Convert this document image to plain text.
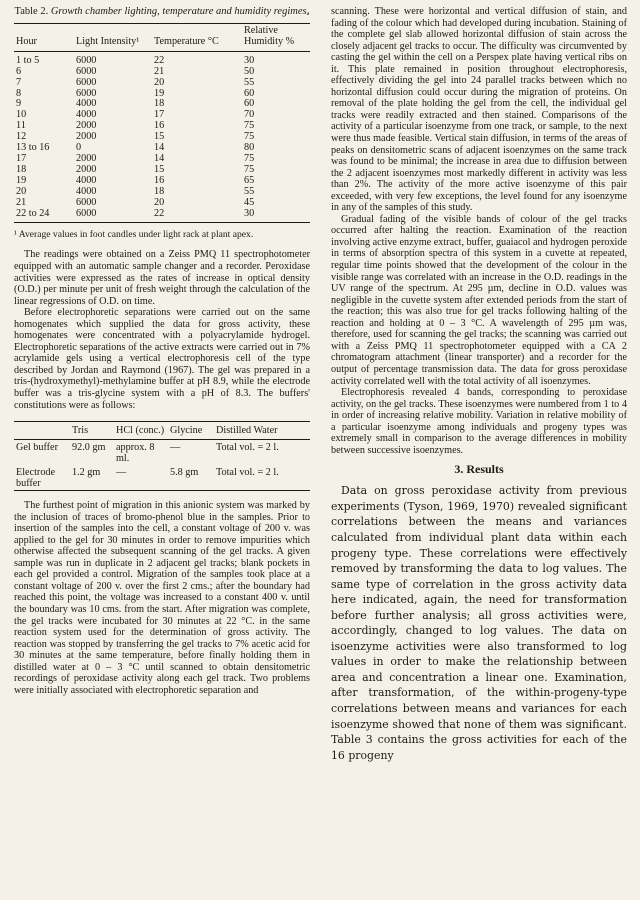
Table 2. Growth chamber lighting, temperature and humidity regimesₐ
Hour	Light Intensity¹	Temperature °C	Relative Humidity %
1 to 5	6000	22	30
6	6000	21	50
7	6000	20	55
8	6000	19	60
9	4000	18	60
10	4000	17	70
11	2000	16	75
12	2000	15	75
13 to 16	0	14	80
17	2000	14	75
18	2000	15	75
19	4000	16	65
20	4000	18	55
21	6000	20	45
22 to 24	6000	22	30

¹ Average values in foot candles under light rack at plant apex.

The readings were obtained on a Zeiss PMQ 11 spectrophotometer equipped with an automatic sample changer and a recorder. Peroxidase activities were expressed as the rates of increase in optical density (O.D.) per minute per unit of fresh weight through the calculation of the linear regressions of O.D. on time.

Before electrophoretic separations were carried out on the same homogenates which supplied the data for gross activity, these homogenates were concentrated with a polyacrylamide hydrogel. Electrophoretic separations of the active extracts were carried out in 7% acrylamide gels using a vertical electrophoresis cell of the type described by Jordan and Raymond (1967). The gel was prepared in a tris-(hydroxymethyl)-methylamine buffer at pH 8.9, while the electrode buffer was a tris-glycine system with a pH of 8.3. The buffers' constitutions were as follows:

	Tris	HCl (conc.)	Glycine	Distilled Water
Gel buffer	92.0 gm	approx. 8 ml.	—	Total vol. = 2 l.
Electrode buffer	1.2 gm	—	5.8 gm	Total vol. = 2 l.

The furthest point of migration in this anionic system was marked by the inclusion of traces of bromo-phenol blue in the samples. Prior to insertion of the samples into the cell, a constant voltage of 200 v. was applied to the gel for 30 minutes in order to remove impurities which otherwise affected the subsequent scanning of the gel tracks. A given sample was run in duplicate in 2 adjacent gel tracks; blank pockets in each gel provided a control. Migration of the samples took place at a constant voltage of 200 v. over the first 2 cms.; after the boundary had reached this point, the voltage was increased to a constant 400 v. until the boundary was 10 cms. from the start. After migration was complete, the gel tracks were incubated for 30 minutes at 22 °C. in the same reaction system used for the determination of gross activity. The reaction was stopped by transferring the gel tracks to 7% acetic acid for 30 minutes at the same temperature, before finally holding them in distilled water at 0 – 3 °C until scanned to obtain densitometric recordings of peroxidase activity along each gel track. Two problems were initially associated with electrophoretic separation and

scanning. These were horizontal and vertical diffusion of stain, and fading of the colour which had developed during incubation. Staining of the complete gel slab allowed horizontal diffusion of stain across the closely adjacent gel tracks to occur. The difficulty was circumvented by casting the gel within the cell on a Perspex plate having vertical ribs on it. This plate remained in position throughout electrophoresis, effectively dividing the gel into 24 parallel tracks between which no horizontal diffusion could occur during the migration of proteins. On removal of the plate holding the gel from the cell, the individual gel tracks were readily extracted and then stained. Comparisons of the activity of a particular isoenzyme from one track, or sample, to the next were thus made feasible. Vertical stain diffusion, in terms of the areas of peaks on densitometric scans of adjacent isoenzymes on the same track was found to be minimal; the increase in area due to diffusion between the 2 adjacent isoenzymes most markedly different in activity was less than 2%. The activity of the more active isoenzyme of this pair exceeded, with very few exceptions, the level found for any isoenzyme in any of the samples of this study.

Gradual fading of the visible bands of colour of the gel tracks occurred after halting the reaction. Examination of the reaction involving active enzyme extract, buffer, guaiacol and hydrogen peroxide in terms of absorption spectra of this system in a cuvette at repeated, regular time points showed that the development of the colour in the visible range was correlated with an increase in the O.D. readings in the UV range of the spectrum. At 295 µm, decline in O.D. values was negligible in the cuvette system after extended periods from the start of the reaction; this was also true for gel tracks following halting of the reaction and holding at 0 – 3 °C. A wavelength of 295 µm was, therefore, used for scanning the gel tracks; the scanning was carried out with a Zeiss PMQ 11 spectrophotometer equipped with a CA 2 chromatogram attachment (linear transporter) and a recorder for the output of percentage transmission data. The data for gross peroxidase activity correlated well with the total activity of all isoenzymes.

Electrophoresis revealed 4 bands, corresponding to peroxidase activity, on the gel tracks. These isoenzymes were numbered from 1 to 4 in order of increasing relative mobility. Variation in relative mobility of a particular isoenzyme among individuals and progeny types was extremely small in comparison to the average differences in mobility between successive isoenzymes.

3. Results

Data on gross peroxidase activity from previous experiments (Tyson, 1969, 1970) revealed significant correlations between the means and variances calculated from individual plant data within each progeny type. These correlations were effectively removed by transforming the data to log values. The same type of correlation in the gross activity data here indicated, again, the need for transformation before further analysis; all gross activities were, accordingly, changed to log values. The data on isoenzyme activities were also transformed to log values in order to make the relationship between area and concentration a linear one. Examination, after transformation, of the within-progeny-type correlations between means and variances for each isoenzyme showed that none of them was significant. Table 3 contains the gross activities for each of the 16 progeny
